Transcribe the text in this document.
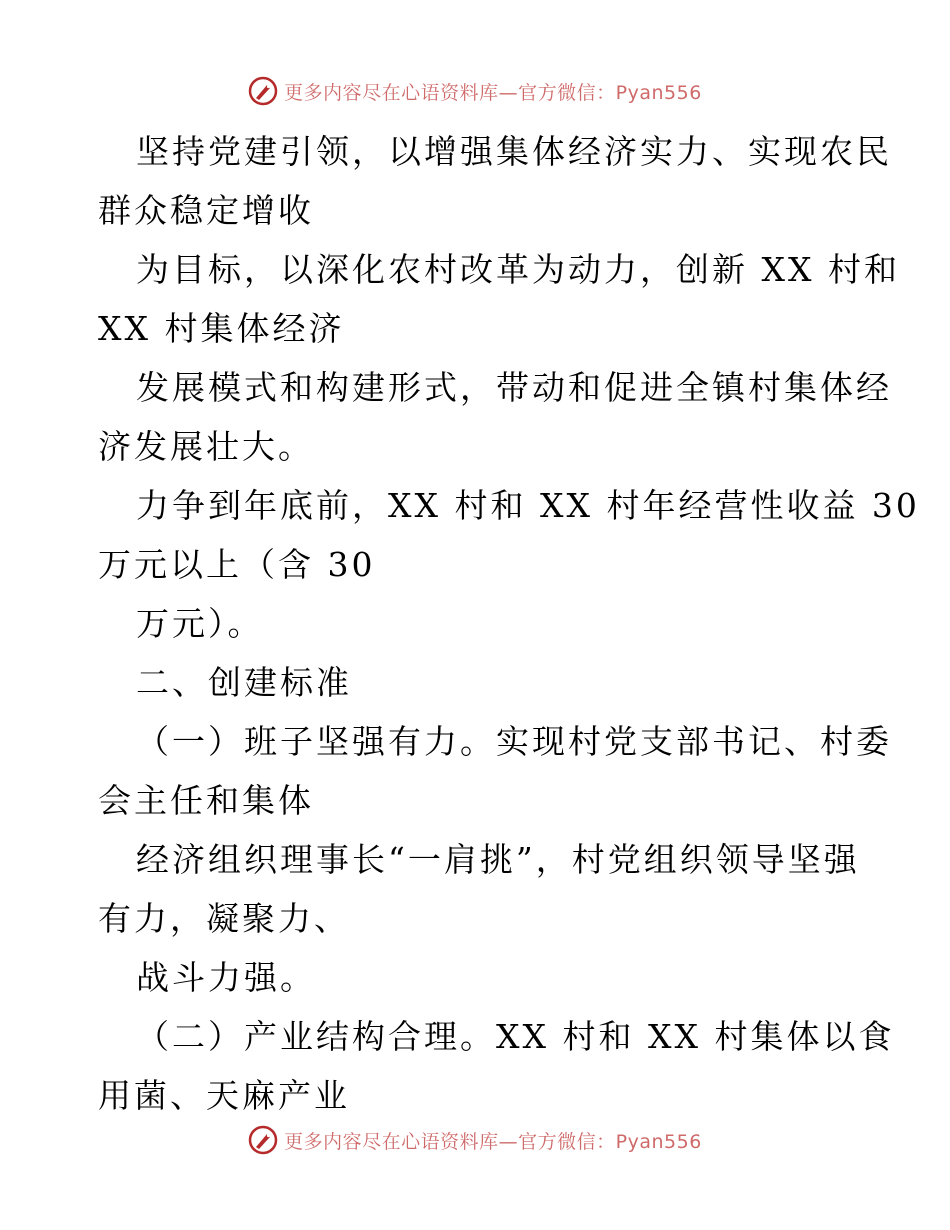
更多内容尽在心语资料库—官方微信：Pyan556
坚持党建引领，以增强集体经济实力、实现农民
群众稳定增收
为目标，以深化农村改革为动力，创新 XX 村和
XX 村集体经济
发展模式和构建形式，带动和促进全镇村集体经
济发展壮大。
力争到年底前，XX 村和 XX 村年经营性收益 30
万元以上（含 30
万元）。
二、创建标准
（一）班子坚强有力。实现村党支部书记、村委
会主任和集体
经济组织理事长“一肩挑”，村党组织领导坚强
有力，凝聚力、
战斗力强。
（二）产业结构合理。XX 村和 XX 村集体以食
用菌、天麻产业
更多内容尽在心语资料库—官方微信：Pyan556
